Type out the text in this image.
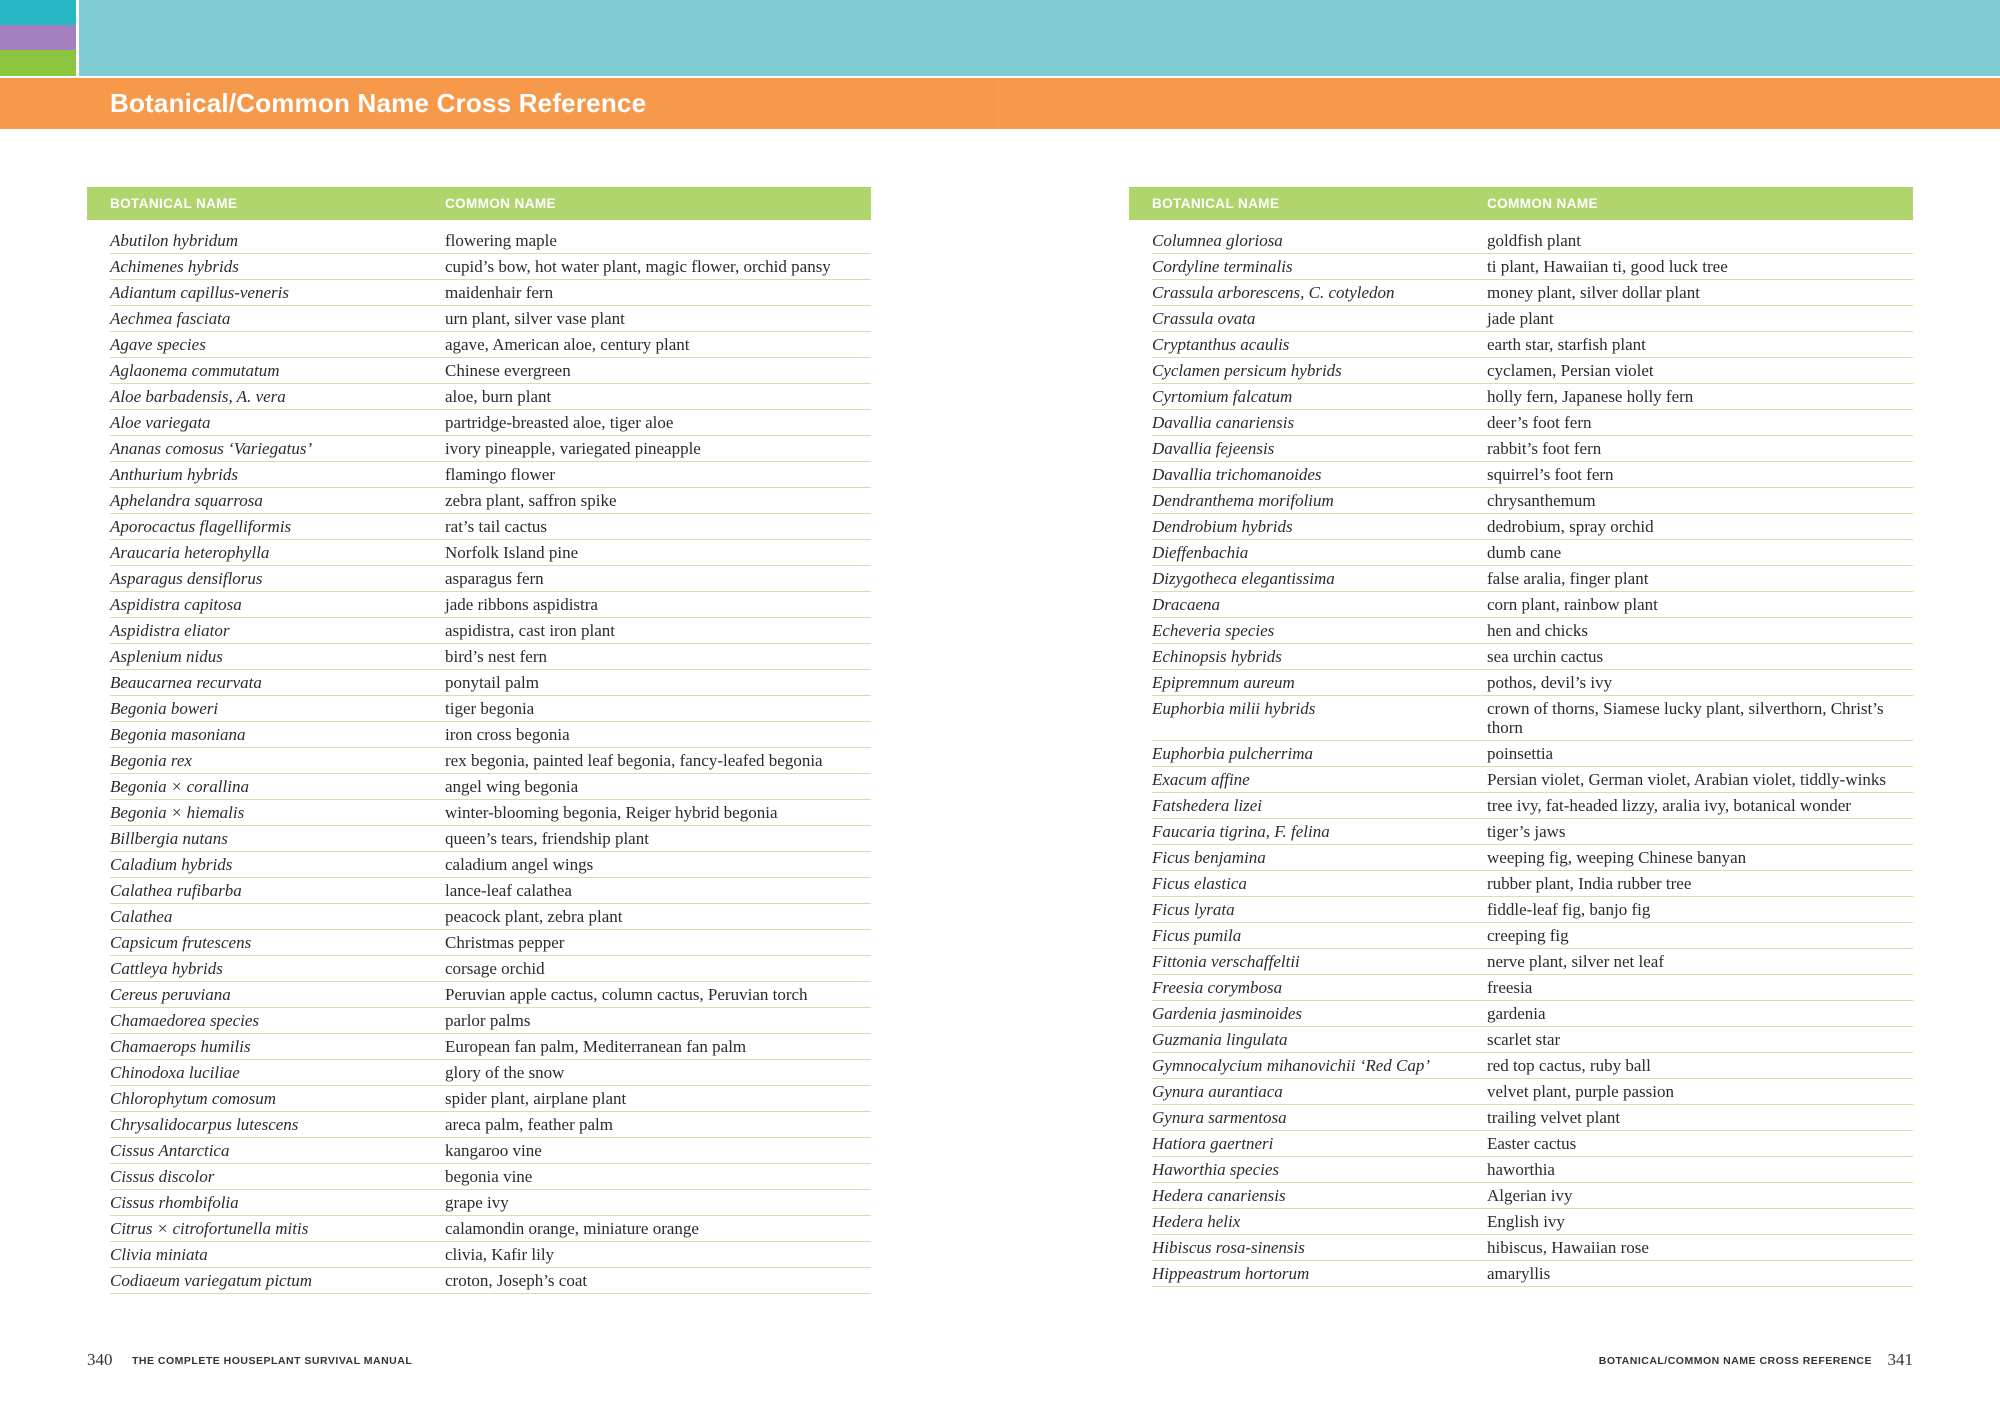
Botanical/Common Name Cross Reference
BOTANICAL NAME	COMMON NAME
Abutilon hybridum	flowering maple
Achimenes hybrids	cupid’s bow, hot water plant, magic flower, orchid pansy
Adiantum capillus-veneris	maidenhair fern
Aechmea fasciata	urn plant, silver vase plant
Agave species	agave, American aloe, century plant
Aglaonema commutatum	Chinese evergreen
Aloe barbadensis, A. vera	aloe, burn plant
Aloe variegata	partridge-breasted aloe, tiger aloe
Ananas comosus ‘Variegatus’	ivory pineapple, variegated pineapple
Anthurium hybrids	flamingo flower
Aphelandra squarrosa	zebra plant, saffron spike
Aporocactus flagelliformis	rat’s tail cactus
Araucaria heterophylla	Norfolk Island pine
Asparagus densiflorus	asparagus fern
Aspidistra capitosa	jade ribbons aspidistra
Aspidistra eliator	aspidistra, cast iron plant
Asplenium nidus	bird’s nest fern
Beaucarnea recurvata	ponytail palm
Begonia boweri	tiger begonia
Begonia masoniana	iron cross begonia
Begonia rex	rex begonia, painted leaf begonia, fancy-leafed begonia
Begonia × corallina	angel wing begonia
Begonia × hiemalis	winter-blooming begonia, Reiger hybrid begonia
Billbergia nutans	queen’s tears, friendship plant
Caladium hybrids	caladium angel wings
Calathea rufibarba	lance-leaf calathea
Calathea	peacock plant, zebra plant
Capsicum frutescens	Christmas pepper
Cattleya hybrids	corsage orchid
Cereus peruviana	Peruvian apple cactus, column cactus, Peruvian torch
Chamaedorea species	parlor palms
Chamaerops humilis	European fan palm, Mediterranean fan palm
Chinodoxa luciliae	glory of the snow
Chlorophytum comosum	spider plant, airplane plant
Chrysalidocarpus lutescens	areca palm, feather palm
Cissus Antarctica	kangaroo vine
Cissus discolor	begonia vine
Cissus rhombifolia	grape ivy
Citrus × citrofortunella mitis	calamondin orange, miniature orange
Clivia miniata	clivia, Kafir lily
Codiaeum variegatum pictum	croton, Joseph’s coat
BOTANICAL NAME	COMMON NAME
Columnea gloriosa	goldfish plant
Cordyline terminalis	ti plant, Hawaiian ti, good luck tree
Crassula arborescens, C. cotyledon	money plant, silver dollar plant
Crassula ovata	jade plant
Cryptanthus acaulis	earth star, starfish plant
Cyclamen persicum hybrids	cyclamen, Persian violet
Cyrtomium falcatum	holly fern, Japanese holly fern
Davallia canariensis	deer’s foot fern
Davallia fejeensis	rabbit’s foot fern
Davallia trichomanoides	squirrel’s foot fern
Dendranthema morifolium	chrysanthemum
Dendrobium hybrids	dedrobium, spray orchid
Dieffenbachia	dumb cane
Dizygotheca elegantissima	false aralia, finger plant
Dracaena	corn plant, rainbow plant
Echeveria species	hen and chicks
Echinopsis hybrids	sea urchin cactus
Epipremnum aureum	pothos, devil’s ivy
Euphorbia milii hybrids	crown of thorns, Siamese lucky plant, silverthorn, Christ’s thorn
Euphorbia pulcherrima	poinsettia
Exacum affine	Persian violet, German violet, Arabian violet, tiddly-winks
Fatshedera lizei	tree ivy, fat-headed lizzy, aralia ivy, botanical wonder
Faucaria tigrina, F. felina	tiger’s jaws
Ficus benjamina	weeping fig, weeping Chinese banyan
Ficus elastica	rubber plant, India rubber tree
Ficus lyrata	fiddle-leaf fig, banjo fig
Ficus pumila	creeping fig
Fittonia verschaffeltii	nerve plant, silver net leaf
Freesia corymbosa	freesia
Gardenia jasminoides	gardenia
Guzmania lingulata	scarlet star
Gymnocalycium mihanovichii ‘Red Cap’	red top cactus, ruby ball
Gynura aurantiaca	velvet plant, purple passion
Gynura sarmentosa	trailing velvet plant
Hatiora gaertneri	Easter cactus
Haworthia species	haworthia
Hedera canariensis	Algerian ivy
Hedera helix	English ivy
Hibiscus rosa-sinensis	hibiscus, Hawaiian rose
Hippeastrum hortorum	amaryllis
340 THE COMPLETE HOUSEPLANT SURVIVAL MANUAL	BOTANICAL/COMMON NAME CROSS REFERENCE 341
